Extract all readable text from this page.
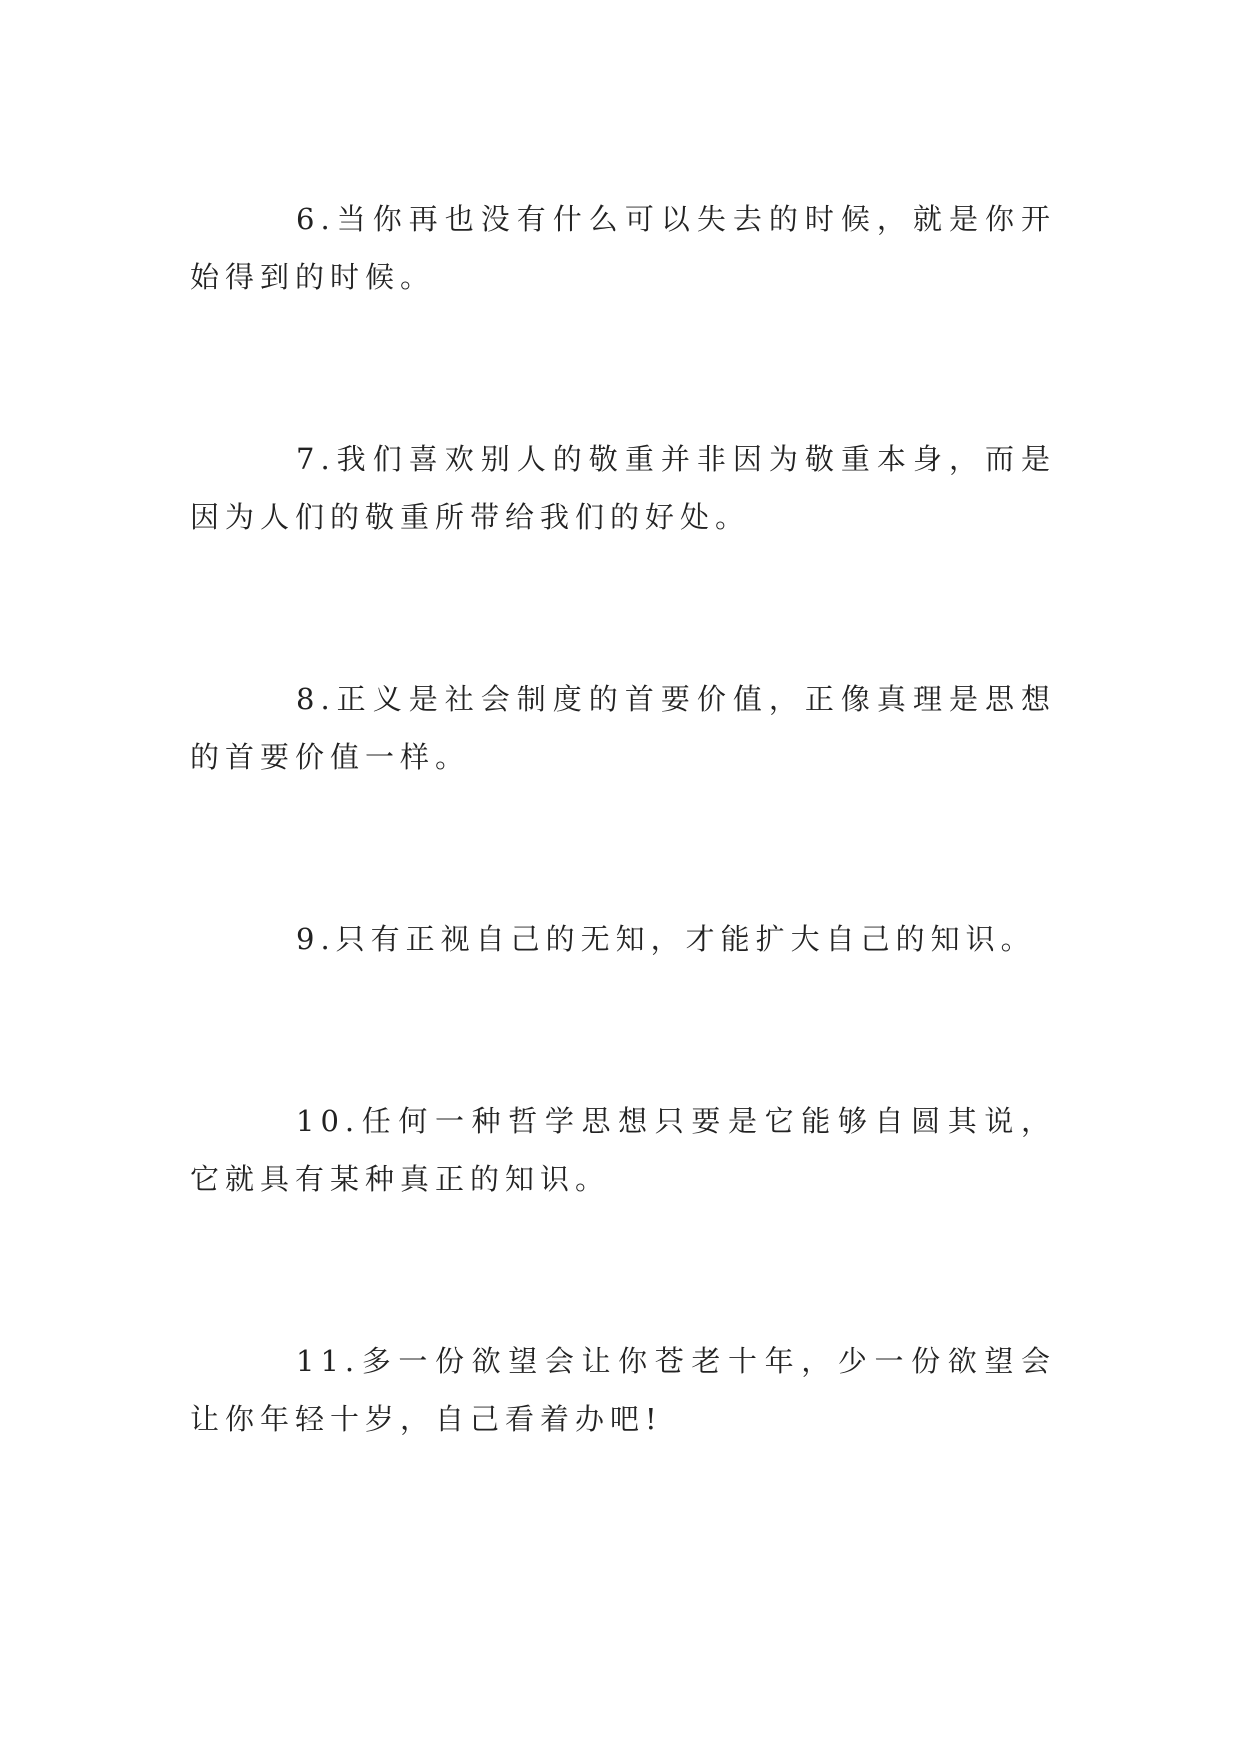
6.当你再也没有什么可以失去的时候，就是你开始得到的时候。

7.我们喜欢别人的敬重并非因为敬重本身，而是因为人们的敬重所带给我们的好处。

8.正义是社会制度的首要价值，正像真理是思想的首要价值一样。

9.只有正视自己的无知，才能扩大自己的知识。

10.任何一种哲学思想只要是它能够自圆其说，它就具有某种真正的知识。

11.多一份欲望会让你苍老十年，少一份欲望会让你年轻十岁，自己看着办吧!
